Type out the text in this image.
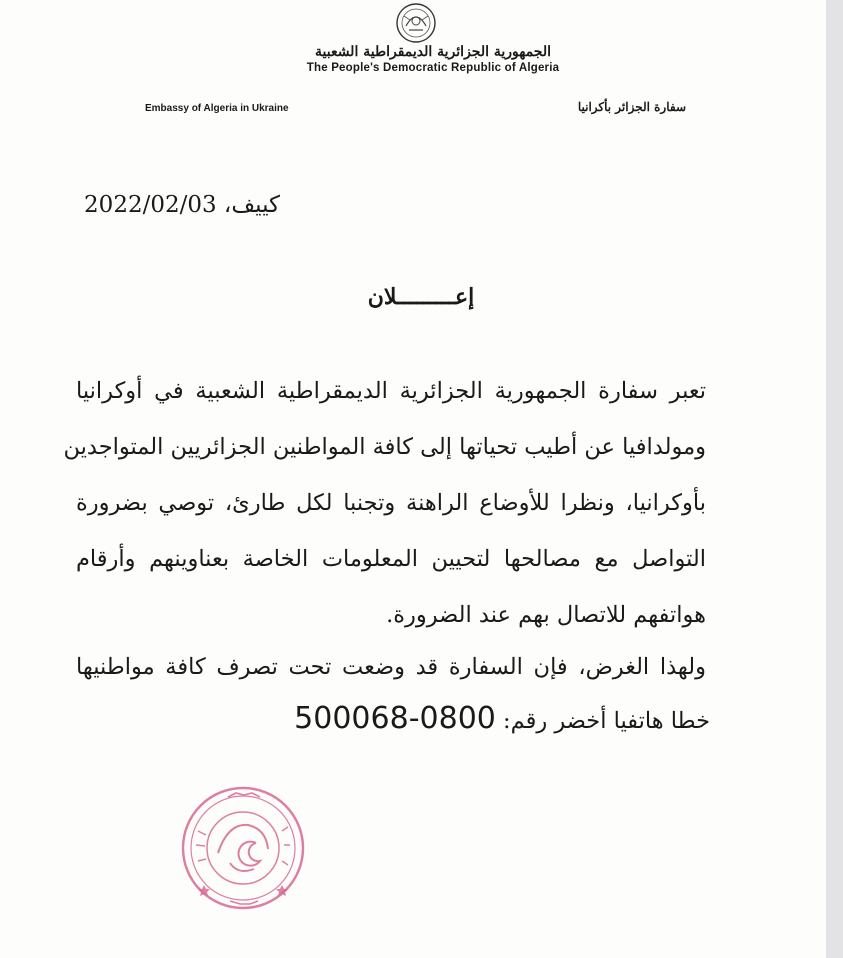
الجمهورية الجزائرية الديمقراطية الشعبية
The People's Democratic Republic of Algeria
Embassy of Algeria in Ukraine	سفارة الجزائر بأكرانيا
كييف، 2022/02/03
إعـــــــــلان
تعبر سفارة الجمهورية الجزائرية الديمقراطية الشعبية في أوكرانيا
ومولدافيا عن أطيب تحياتها إلى كافة المواطنين الجزائريين المتواجدين
بأوكرانيا، ونظرا للأوضاع الراهنة وتجنبا لكل طارئ، توصي بضرورة
التواصل مع مصالحها لتحيين المعلومات الخاصة بعناوينهم وأرقام
هواتفهم للاتصال بهم عند الضرورة.
ولهذا الغرض، فإن السفارة قد وضعت تحت تصرف كافة مواطنيها
خطا هاتفيا أخضر رقم: 0800-500068
